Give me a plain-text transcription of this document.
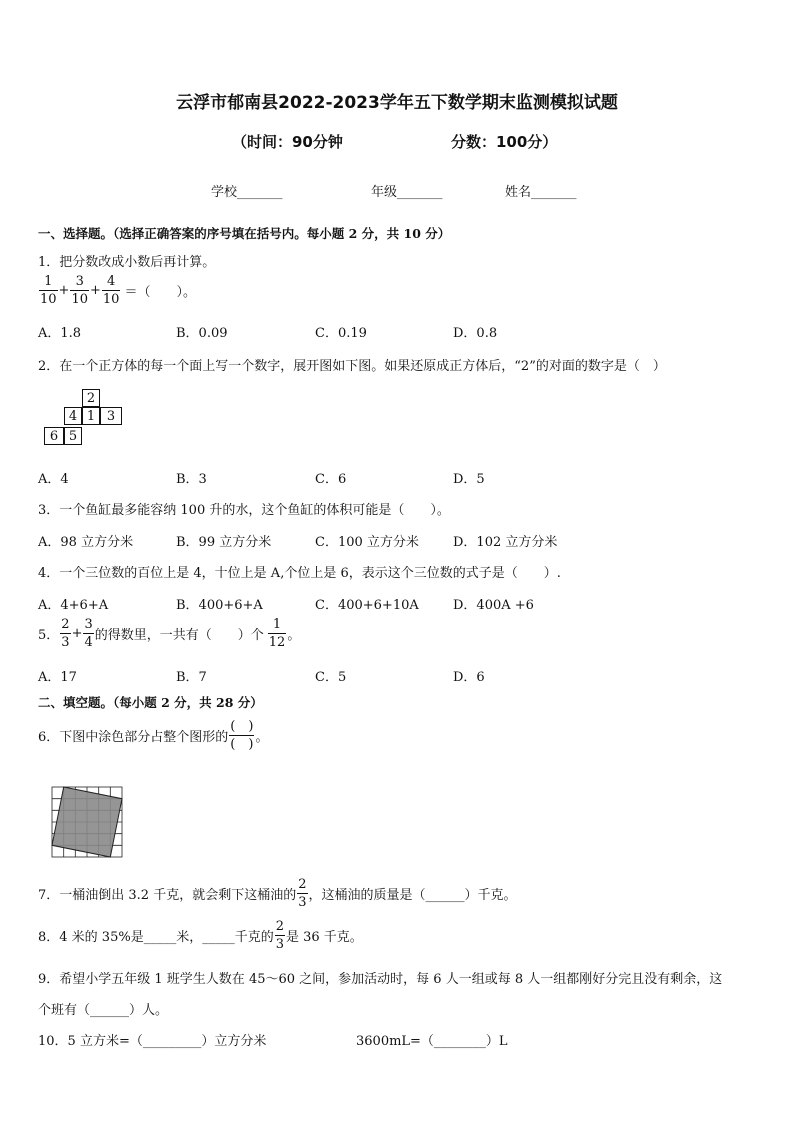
云浮市郁南县2022-2023学年五下数学期末监测模拟试题
（时间：90分钟	分数：100分）
学校_______	年级_______	姓名_______
一、选择题。（选择正确答案的序号填在括号内。每小题 2 分，共 10 分）
1．把分数改成小数后再计算。
$\frac{1}{10} + \frac{3}{10} + \frac{4}{10}$ ＝（　　）。
A．1.8	B．0.09	C．0.19	D．0.8
2．在一个正方体的每一个面上写一个数字，展开图如下图。如果还原成正方体后，“2”的对面的数字是（　）
2
4 1 3
6 5
A．4	B．3	C．6	D．5
3．一个鱼缸最多能容纳 100 升的水，这个鱼缸的体积可能是（　　）。
A．98 立方分米	B．99 立方分米	C．100 立方分米	D．102 立方分米
4．一个三位数的百位上是 4，十位上是 A,个位上是 6，表示这个三位数的式子是（　　）.
A．4+6+A	B．400+6+A	C．400+6+10A	D．400A +6
5． $\frac{2}{3} + \frac{3}{4}$ 的得数里，一共有（　　）个 $\frac{1}{12}$ 。
A．17	B．7	C．5	D．6
二、填空题。（每小题 2 分，共 28 分）
6．下图中涂色部分占整个图形的 $\frac{( )}{( )}$ 。
7．一桶油倒出 3.2 千克，就会剩下这桶油的 $\frac{2}{3}$ ，这桶油的质量是（______）千克。
8．4 米的 35%是_____米，_____千克的 $\frac{2}{3}$ 是 36 千克。
9．希望小学五年级 1 班学生人数在 45～60 之间，参加活动时，每 6 人一组或每 8 人一组都刚好分完且没有剩余，这
个班有（______）人。
10．5 立方米=（_________）立方分米	3600mL=（________）L
